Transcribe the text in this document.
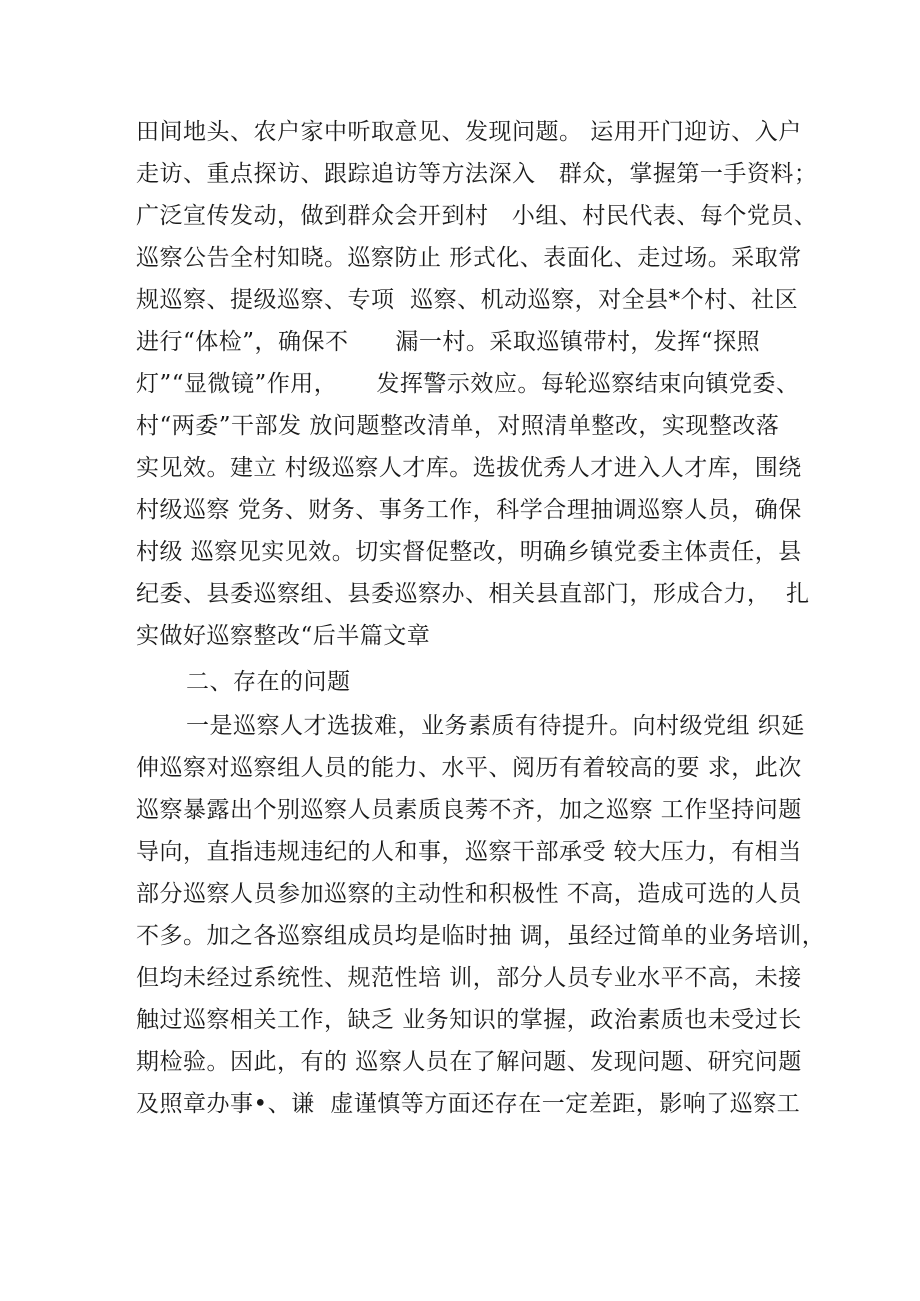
田间地头、农户家中听取意见、发现问题。 运用开门迎访、入户
走访、重点探访、跟踪追访等方法深入   群众，掌握第一手资料；
广泛宣传发动，做到群众会开到村   小组、村民代表、每个党员、
巡察公告全村知晓。巡察防止 形式化、表面化、走过场。采取常
规巡察、提级巡察、专项  巡察、机动巡察，对全县*个村、社区
进行“体检”，确保不      漏一村。采取巡镇带村，发挥“探照
灯”“显微镜”作用，     发挥警示效应。每轮巡察结束向镇党委、
村“两委”干部发 放问题整改清单，对照清单整改，实现整改落
实见效。建立 村级巡察人才库。选拔优秀人才进入人才库，围绕
村级巡察 党务、财务、事务工作，科学合理抽调巡察人员，确保
村级 巡察见实见效。切实督促整改，明确乡镇党委主体责任，县
纪委、县委巡察组、县委巡察办、相关县直部门，形成合力，  扎
实做好巡察整改“后半篇文章
二、存在的问题
一是巡察人才选拔难，业务素质有待提升。向村级党组 织延
伸巡察对巡察组人员的能力、水平、阅历有着较高的要 求，此次
巡察暴露出个别巡察人员素质良莠不齐，加之巡察 工作坚持问题
导向，直指违规违纪的人和事，巡察干部承受 较大压力，有相当
部分巡察人员参加巡察的主动性和积极性 不高，造成可选的人员
不多。加之各巡察组成员均是临时抽 调，虽经过简单的业务培训，
但均未经过系统性、规范性培 训，部分人员专业水平不高，未接
触过巡察相关工作，缺乏 业务知识的掌握，政治素质也未受过长
期检验。因此，有的 巡察人员在了解问题、发现问题、研究问题
及照章办事•、谦  虚谨慎等方面还存在一定差距，影响了巡察工
